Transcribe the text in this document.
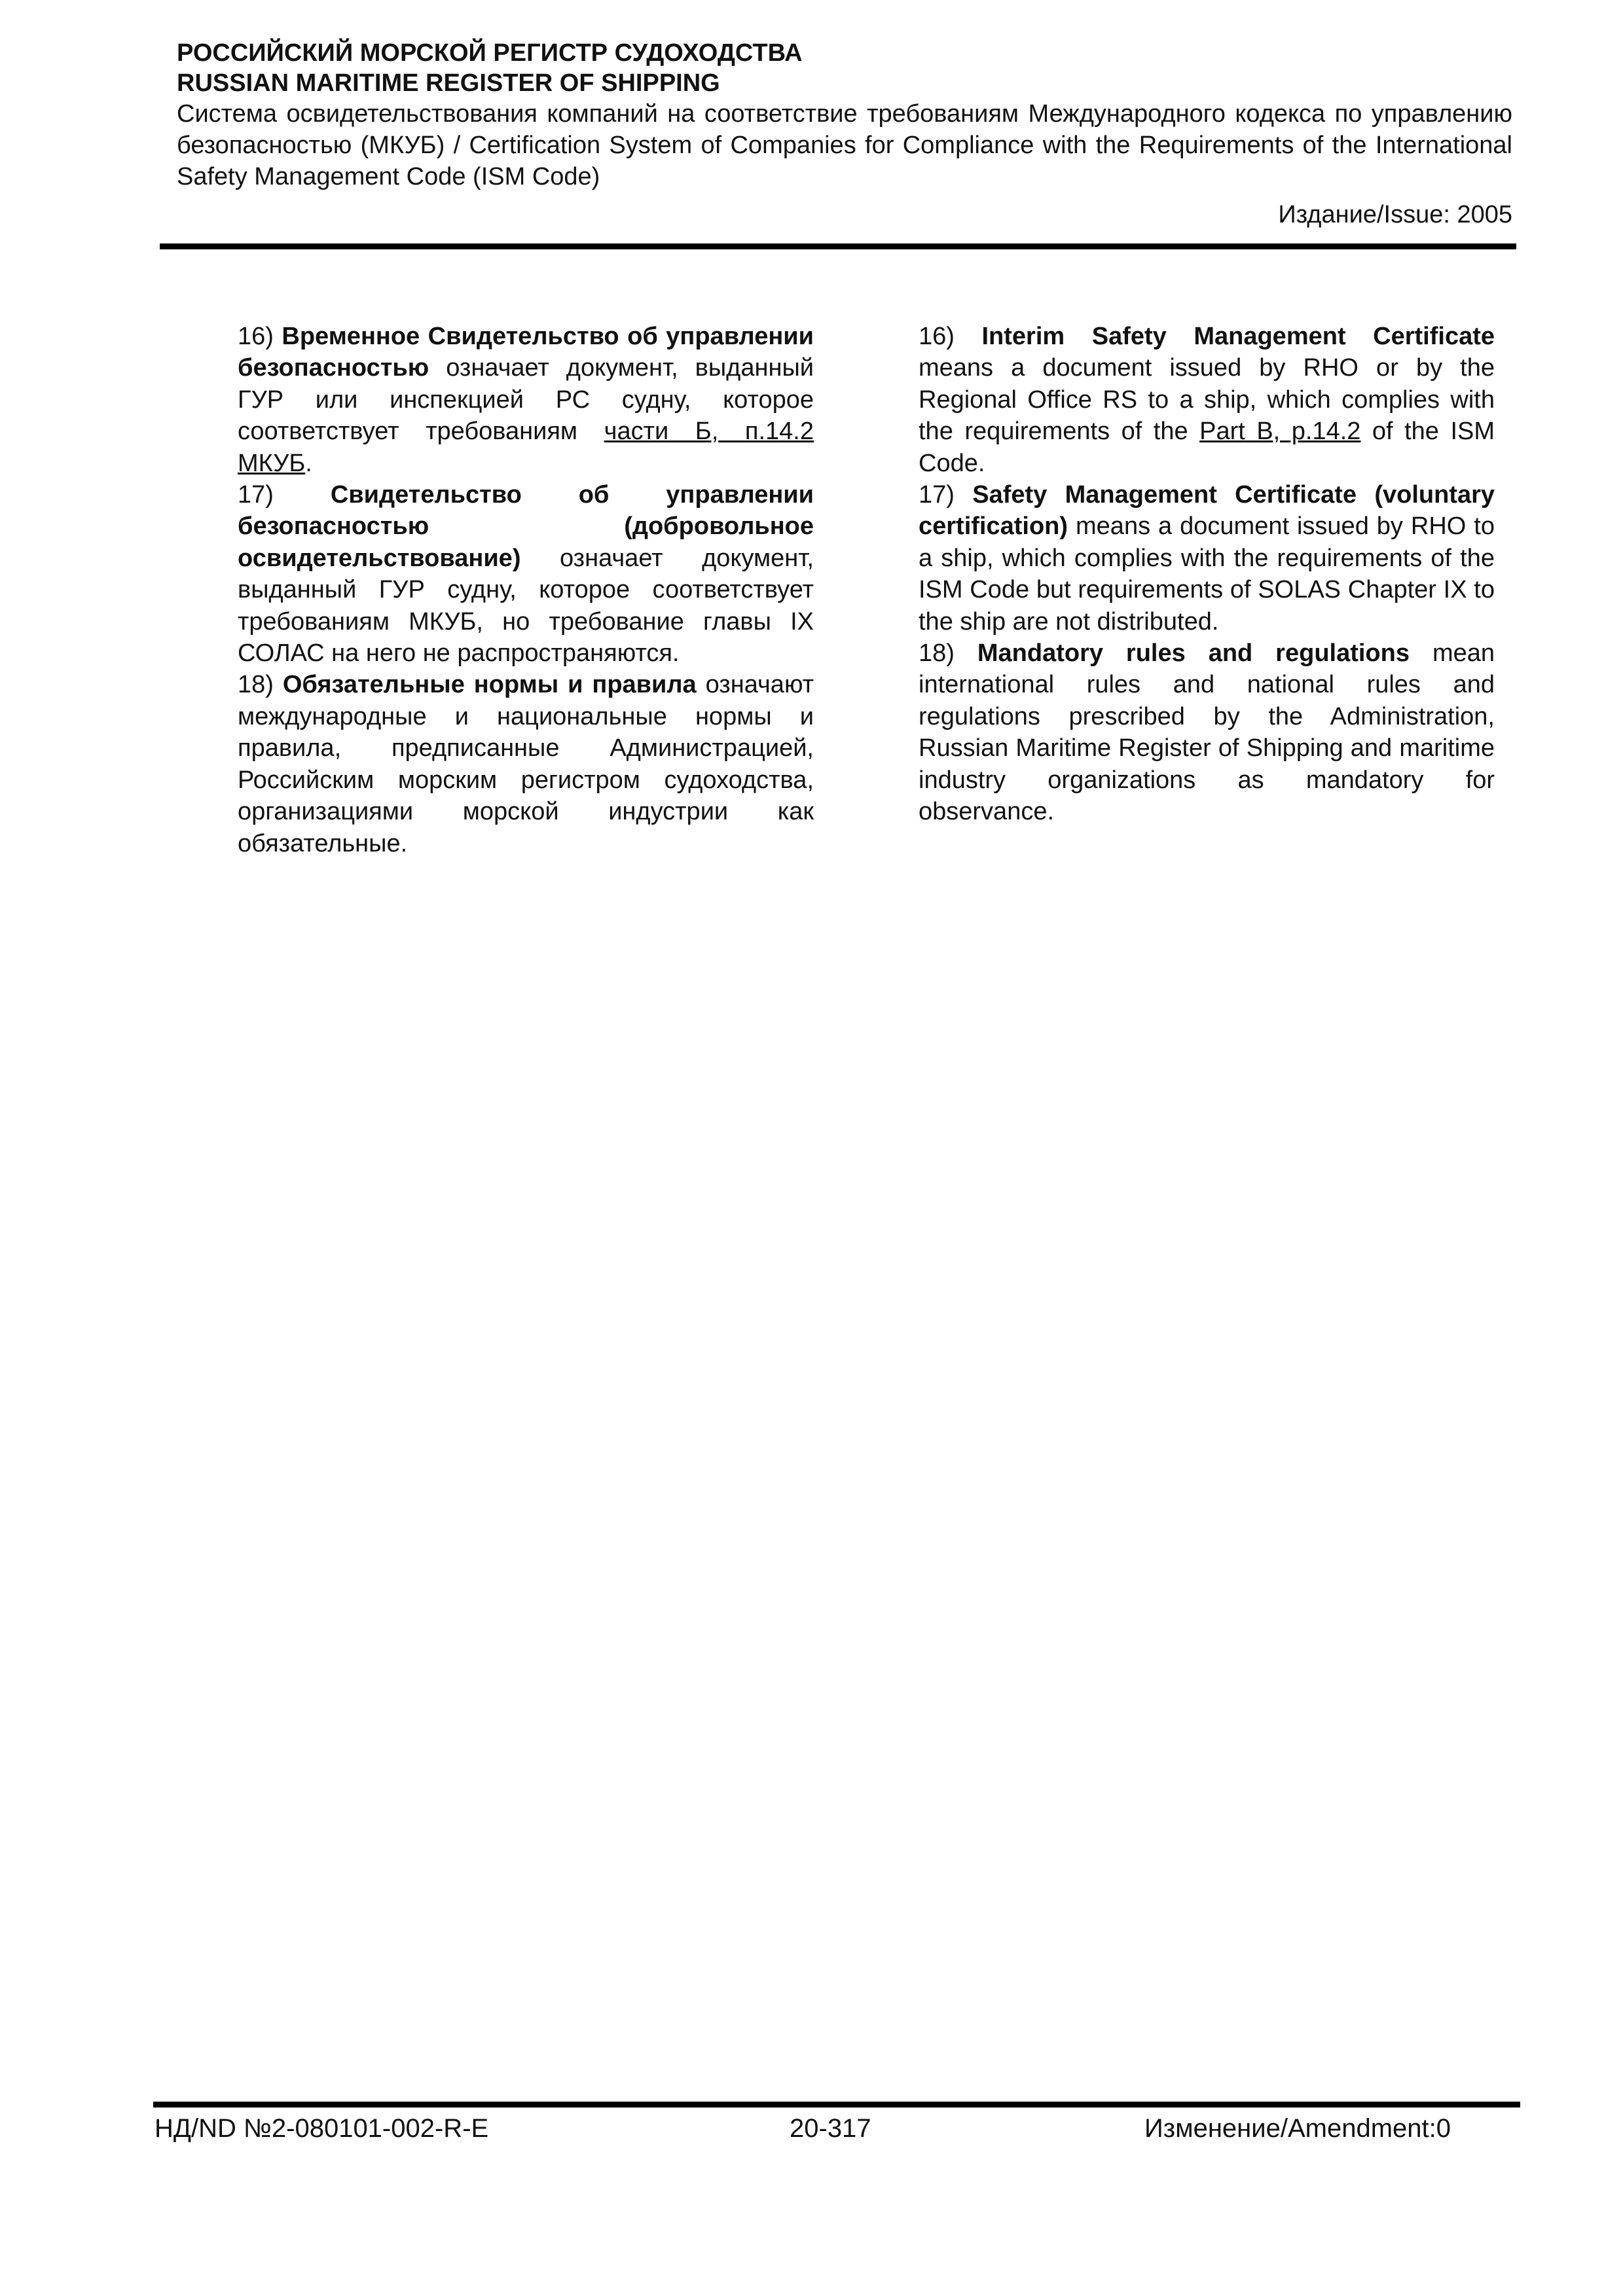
РОССИЙСКИЙ МОРСКОЙ РЕГИСТР СУДОХОДСТВА
RUSSIAN MARITIME REGISTER OF SHIPPING
Система освидетельствования компаний на соответствие требованиям Международного кодекса по управлению безопасностью (МКУБ) / Certification System of Companies for Compliance with the Requirements of the International Safety Management Code (ISM Code)
Издание/Issue: 2005

16) Временное Свидетельство об управлении безопасностью означает документ, выданный ГУР или инспекцией РС судну, которое соответствует требованиям части Б, п.14.2 МКУБ.

17) Свидетельство об управлении безопасностью (добровольное освидетельствование) означает документ, выданный ГУР судну, которое соответствует требованиям МКУБ, но требование главы IX СОЛАС на него не распространяются.

18) Обязательные нормы и правила означают международные и национальные нормы и правила, предписанные Администрацией, Российским морским регистром судоходства, организациями морской индустрии как обязательные.

16) Interim Safety Management Certificate means a document issued by RHO or by the Regional Office RS to a ship, which complies with the requirements of the Part B, p.14.2 of the ISM Code.

17) Safety Management Certificate (voluntary certification) means a document issued by RHO to a ship, which complies with the requirements of the ISM Code but requirements of SOLAS Chapter IX to the ship are not distributed.

18) Mandatory rules and regulations mean international rules and national rules and regulations prescribed by the Administration, Russian Maritime Register of Shipping and maritime industry organizations as mandatory for observance.

НД/ND №2-080101-002-R-E	20-317	Изменение/Amendment:0
